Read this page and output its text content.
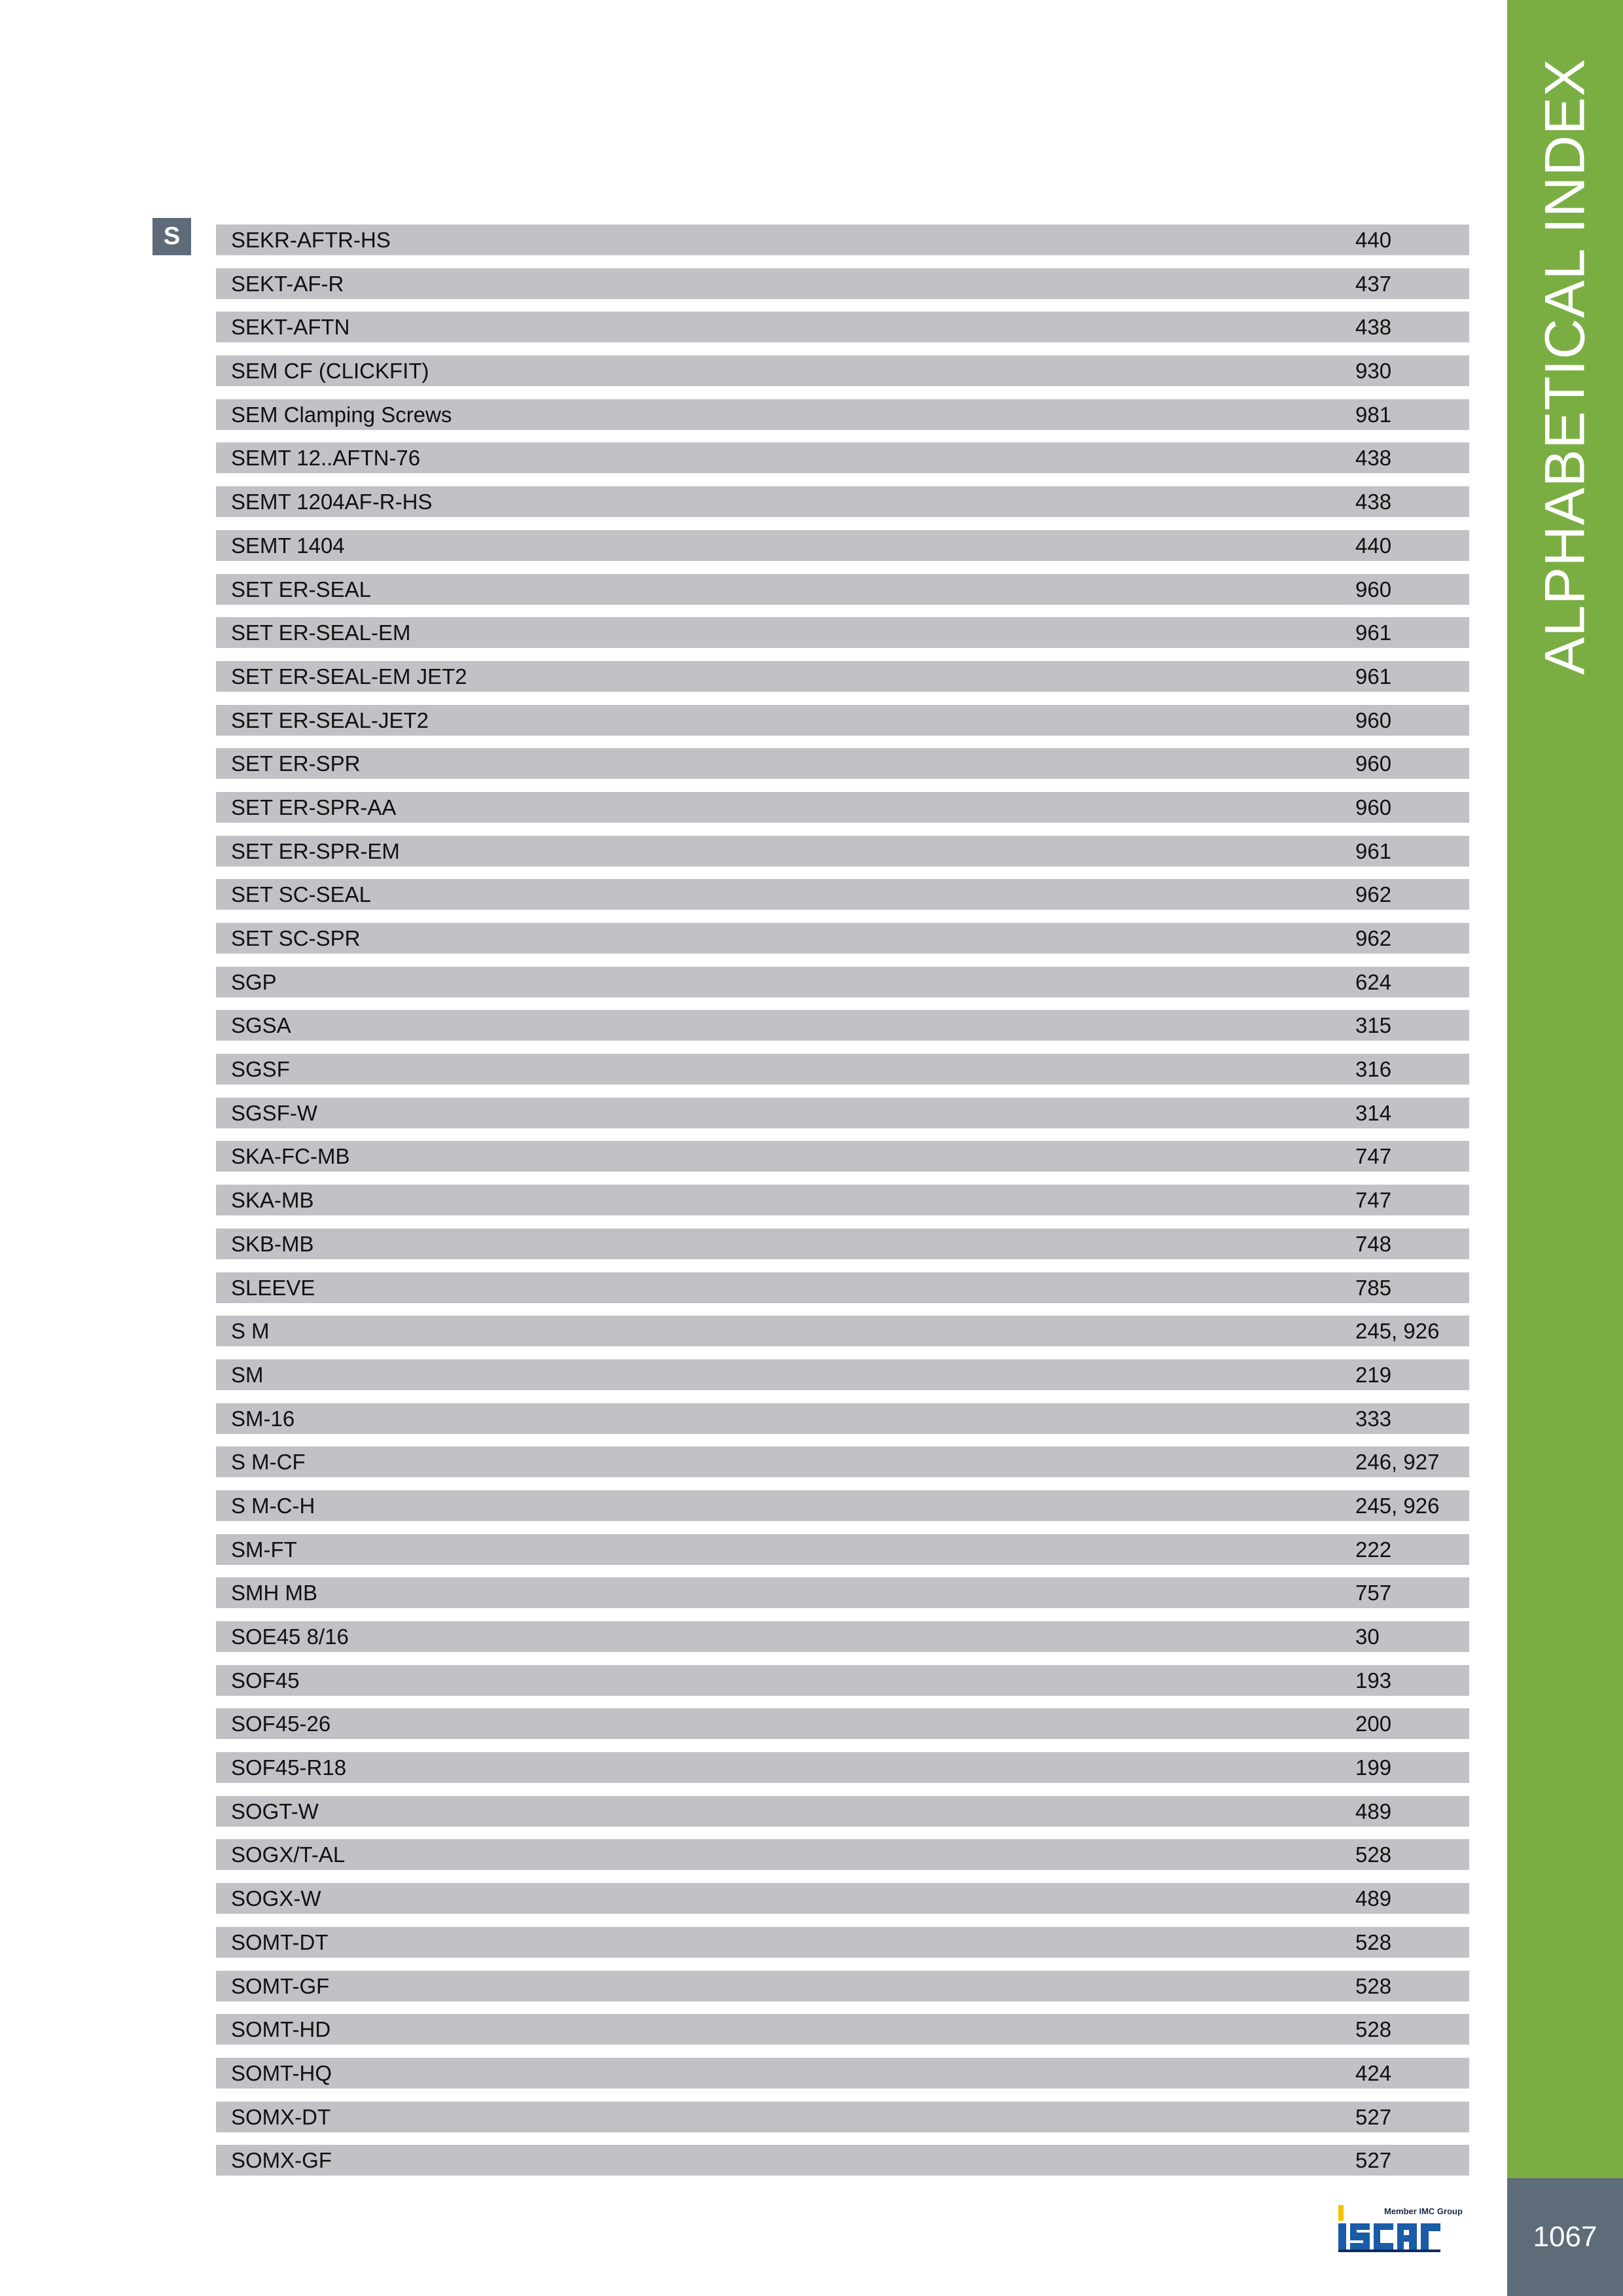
ALPHABETICAL INDEX
1067
S	SEKR-AFTR-HS	440
SEKT-AF-R	437
SEKT-AFTN	438
SEM CF (CLICKFIT)	930
SEM Clamping Screws	981
SEMT 12..AFTN-76	438
SEMT 1204AF-R-HS	438
SEMT 1404	440
SET ER-SEAL	960
SET ER-SEAL-EM	961
SET ER-SEAL-EM JET2	961
SET ER-SEAL-JET2	960
SET ER-SPR	960
SET ER-SPR-AA	960
SET ER-SPR-EM	961
SET SC-SEAL	962
SET SC-SPR	962
SGP	624
SGSA	315
SGSF	316
SGSF-W	314
SKA-FC-MB	747
SKA-MB	747
SKB-MB	748
SLEEVE	785
S M	245, 926
SM	219
SM-16	333
S M-CF	246, 927
S M-C-H	245, 926
SM-FT	222
SMH MB	757
SOE45 8/16	30
SOF45	193
SOF45-26	200
SOF45-R18	199
SOGT-W	489
SOGX/T-AL	528
SOGX-W	489
SOMT-DT	528
SOMT-GF	528
SOMT-HD	528
SOMT-HQ	424
SOMX-DT	527
SOMX-GF	527
Member IMC Group
